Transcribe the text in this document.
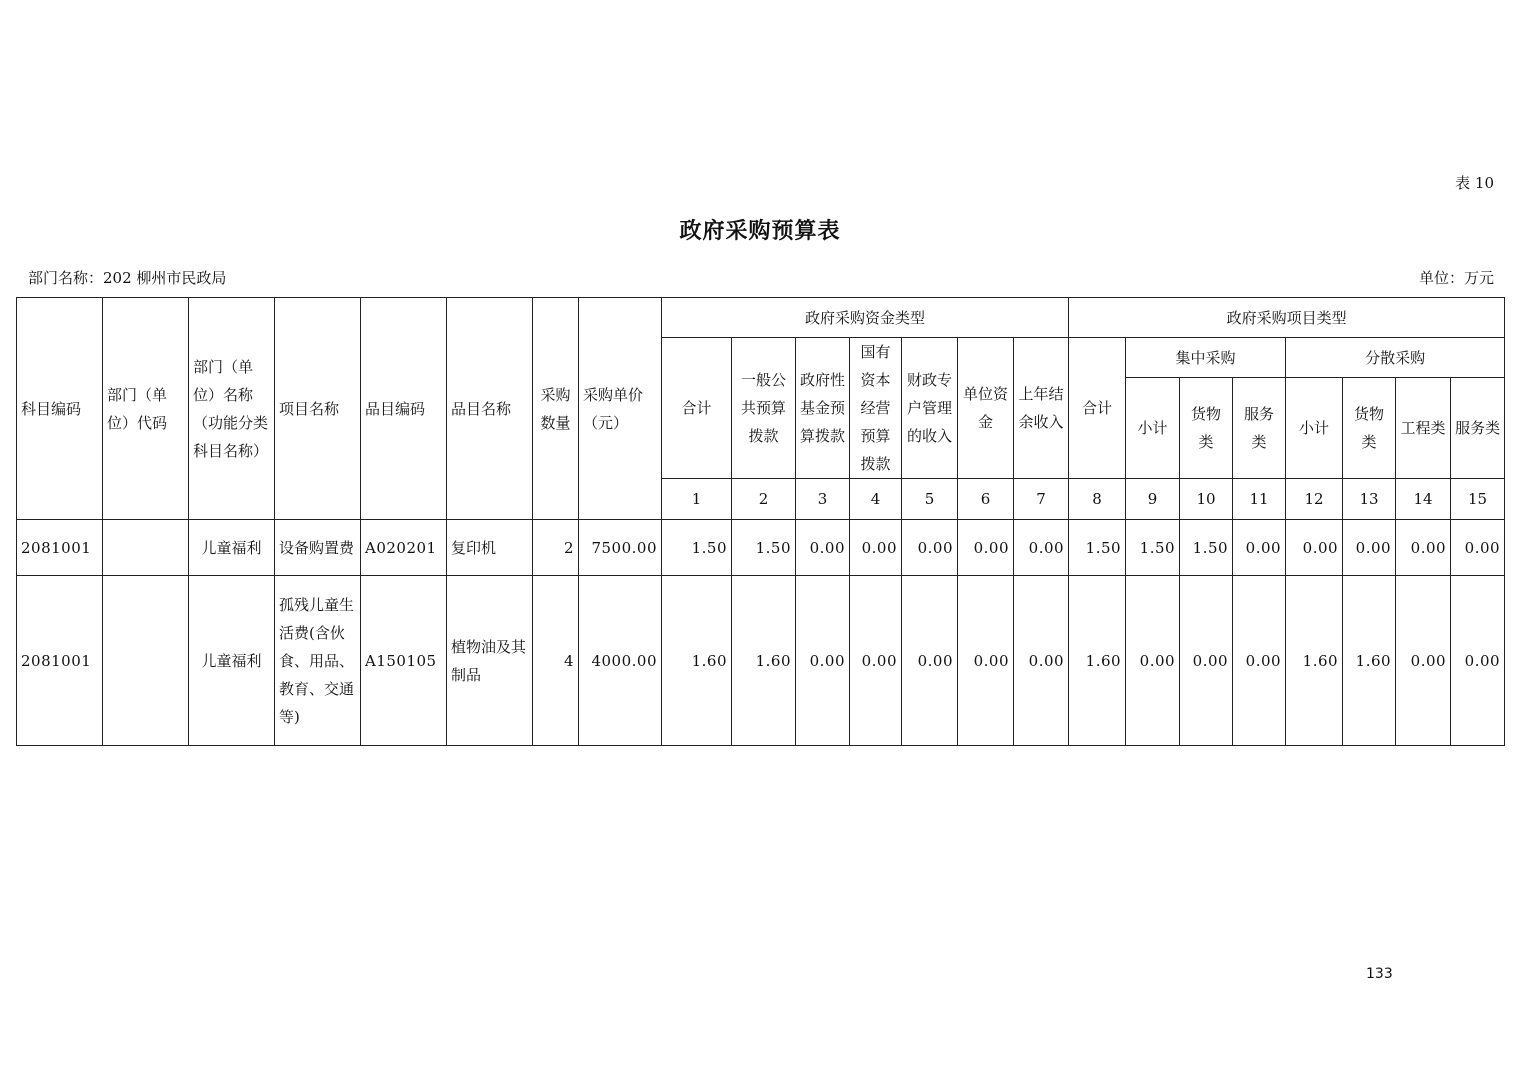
表 10
政府采购预算表
部门名称：202 柳州市民政局	单位：万元
科目编码	部门（单位）代码	部门（单位）名称（功能分类科目名称）	项目名称	品目编码	品目名称	采购数量	采购单价（元）	政府采购资金类型							政府采购项目类型							
								合计	一般公共预算拨款	政府性基金预算拨款	国有资本经营预算拨款	财政专户管理的收入	单位资金	上年结余收入	合计	集中采购			分散采购			
																小计	货物类	服务类	小计	货物类	工程类	服务类
								1	2	3	4	5	6	7	8	9	10	11	12	13	14	15
2081001		儿童福利	设备购置费	A020201	复印机	2	7500.00	1.50	1.50	0.00	0.00	0.00	0.00	0.00	1.50	1.50	1.50	0.00	0.00	0.00	0.00	0.00
2081001		儿童福利	孤残儿童生活费(含伙食、用品、教育、交通等)	A150105	植物油及其制品	4	4000.00	1.60	1.60	0.00	0.00	0.00	0.00	0.00	1.60	0.00	0.00	0.00	1.60	1.60	0.00	0.00
133
